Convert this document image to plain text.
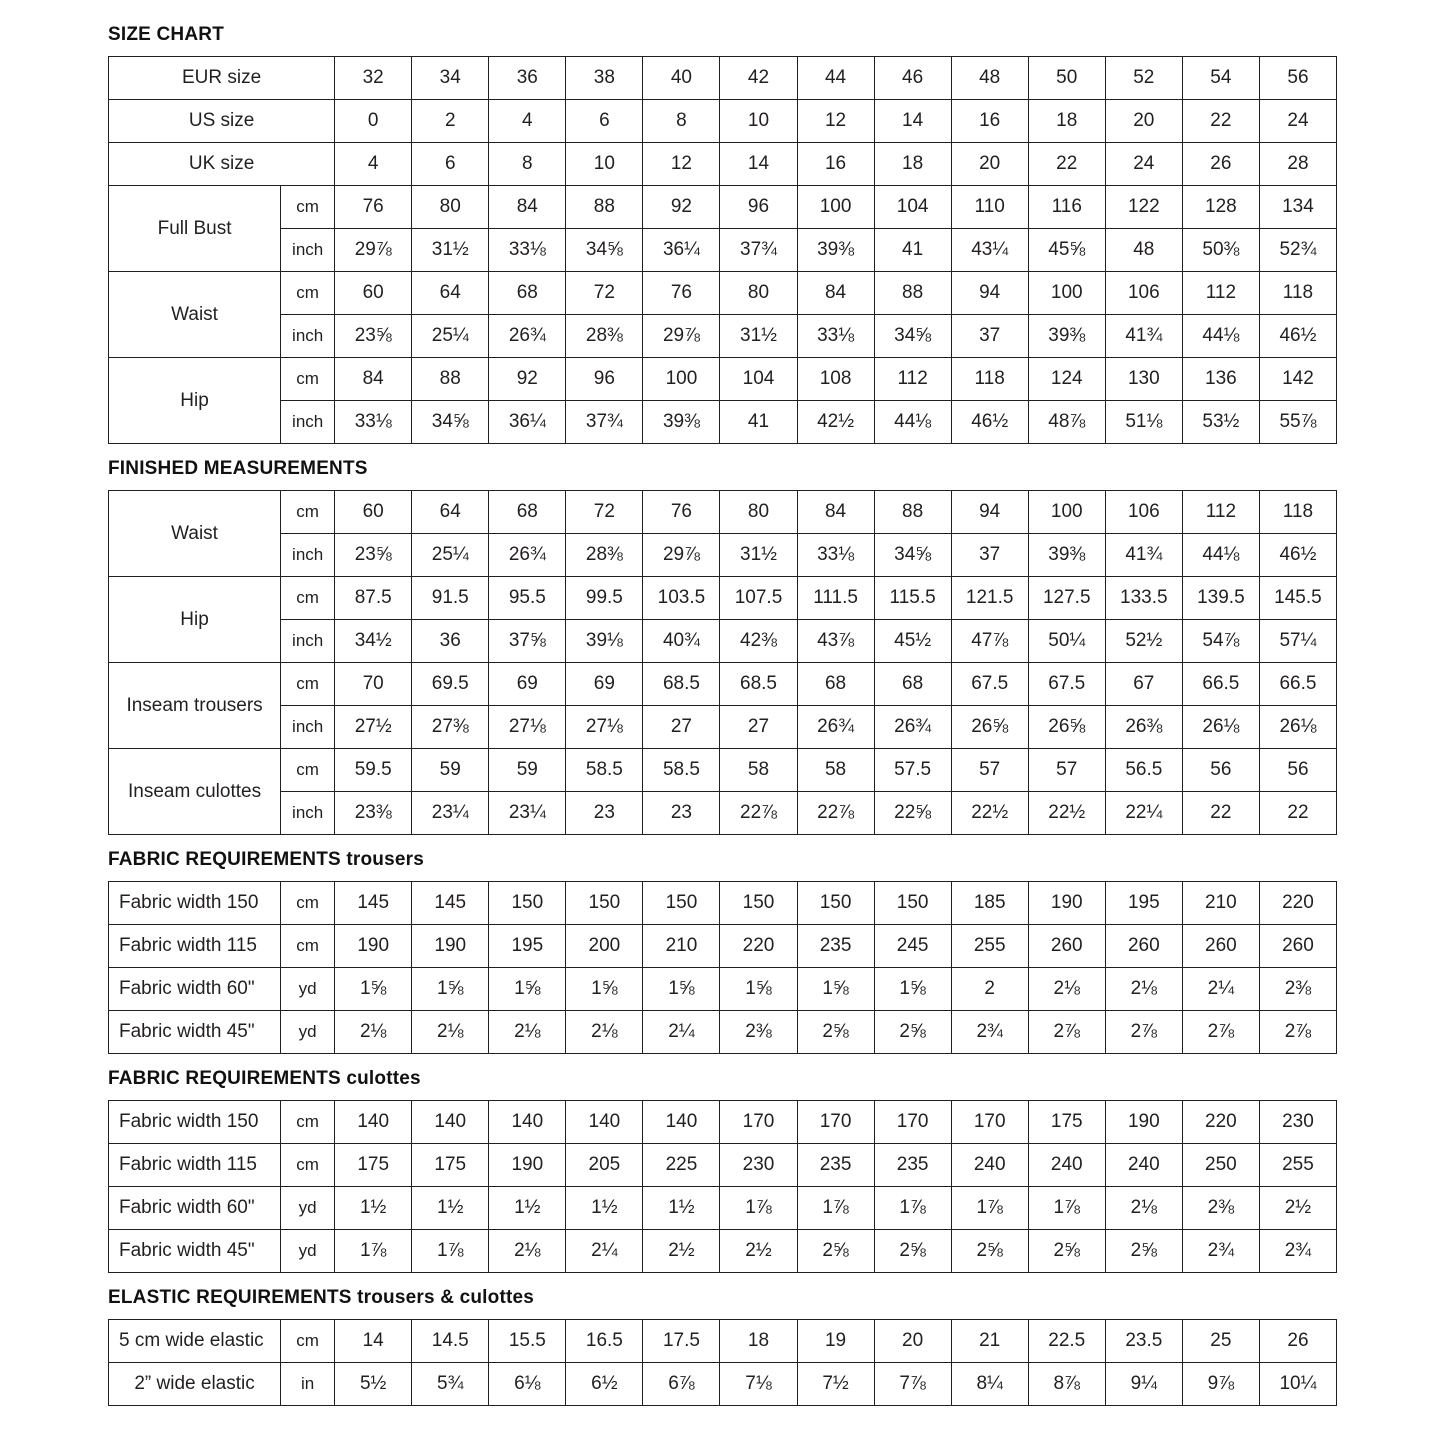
SIZE CHART
EUR size		32	34	36	38	40	42	44	46	48	50	52	54	56
US size		0	2	4	6	8	10	12	14	16	18	20	22	24
UK size		4	6	8	10	12	14	16	18	20	22	24	26	28
Full Bust	cm	76	80	84	88	92	96	100	104	110	116	122	128	134
	inch	29⅞	31½	33⅛	34⅝	36¼	37¾	39⅜	41	43¼	45⅝	48	50⅜	52¾
Waist	cm	60	64	68	72	76	80	84	88	94	100	106	112	118
	inch	23⅝	25¼	26¾	28⅜	29⅞	31½	33⅛	34⅝	37	39⅜	41¾	44⅛	46½
Hip	cm	84	88	92	96	100	104	108	112	118	124	130	136	142
	inch	33⅛	34⅝	36¼	37¾	39⅜	41	42½	44⅛	46½	48⅞	51⅛	53½	55⅞
FINISHED MEASUREMENTS
Waist	cm	60	64	68	72	76	80	84	88	94	100	106	112	118
	inch	23⅝	25¼	26¾	28⅜	29⅞	31½	33⅛	34⅝	37	39⅜	41¾	44⅛	46½
Hip	cm	87.5	91.5	95.5	99.5	103.5	107.5	111.5	115.5	121.5	127.5	133.5	139.5	145.5
	inch	34½	36	37⅝	39⅛	40¾	42⅜	43⅞	45½	47⅞	50¼	52½	54⅞	57¼
Inseam trousers	cm	70	69.5	69	69	68.5	68.5	68	68	67.5	67.5	67	66.5	66.5
	inch	27½	27⅜	27⅛	27⅛	27	27	26¾	26¾	26⅝	26⅝	26⅜	26⅛	26⅛
Inseam culottes	cm	59.5	59	59	58.5	58.5	58	58	57.5	57	57	56.5	56	56
	inch	23⅜	23¼	23¼	23	23	22⅞	22⅞	22⅝	22½	22½	22¼	22	22
FABRIC REQUIREMENTS trousers
Fabric width 150	cm	145	145	150	150	150	150	150	150	185	190	195	210	220
Fabric width 115	cm	190	190	195	200	210	220	235	245	255	260	260	260	260
Fabric width 60"	yd	1⅝	1⅝	1⅝	1⅝	1⅝	1⅝	1⅝	1⅝	2	2⅛	2⅛	2¼	2⅜
Fabric width 45"	yd	2⅛	2⅛	2⅛	2⅛	2¼	2⅜	2⅝	2⅝	2¾	2⅞	2⅞	2⅞	2⅞
FABRIC REQUIREMENTS culottes
Fabric width 150	cm	140	140	140	140	140	170	170	170	170	175	190	220	230
Fabric width 115	cm	175	175	190	205	225	230	235	235	240	240	240	250	255
Fabric width 60"	yd	1½	1½	1½	1½	1½	1⅞	1⅞	1⅞	1⅞	1⅞	2⅛	2⅜	2½
Fabric width 45"	yd	1⅞	1⅞	2⅛	2¼	2½	2½	2⅝	2⅝	2⅝	2⅝	2⅝	2¾	2¾
ELASTIC REQUIREMENTS trousers & culottes
5 cm wide elastic	cm	14	14.5	15.5	16.5	17.5	18	19	20	21	22.5	23.5	25	26
2” wide elastic	in	5½	5¾	6⅛	6½	6⅞	7⅛	7½	7⅞	8¼	8⅞	9¼	9⅞	10¼
